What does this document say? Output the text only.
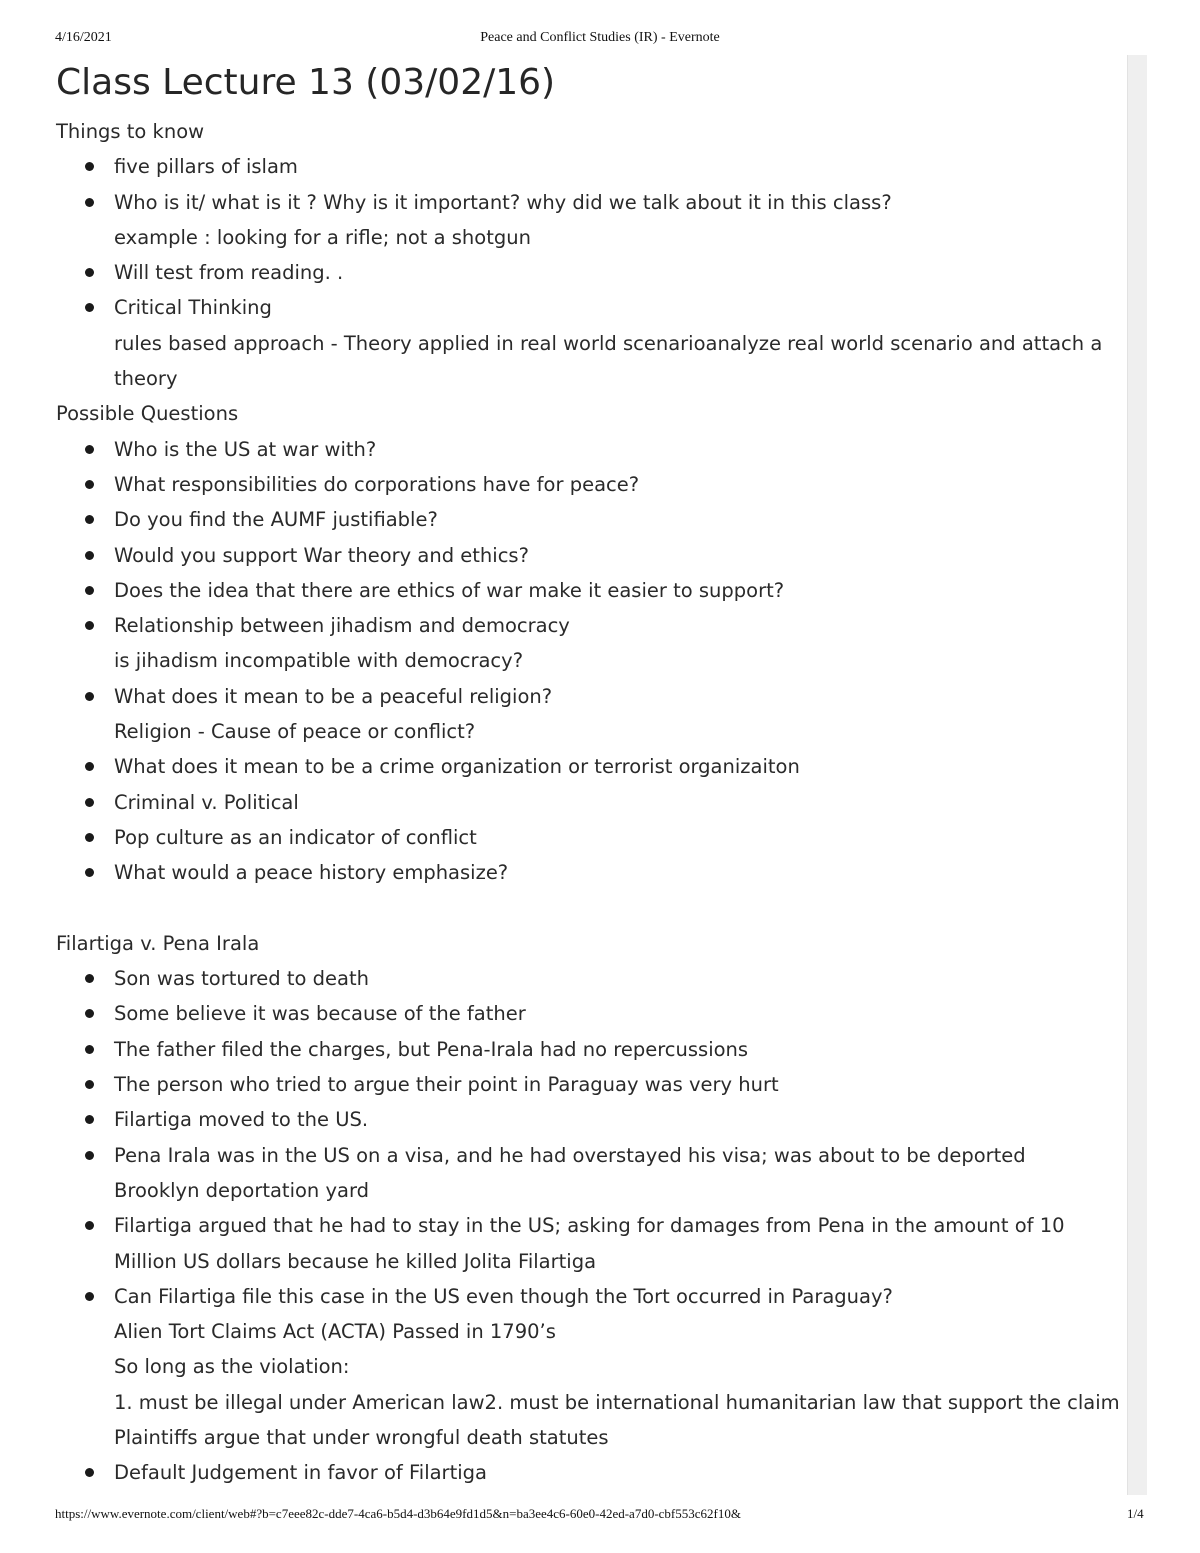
4/16/2021	Peace and Conflict Studies (IR) - Evernote
Class Lecture 13 (03/02/16)
Things to know
five pillars of islam
Who is it/ what is it ? Why is it important? why did we talk about it in this class?
example : looking for a rifle; not a shotgun
Will test from reading. .
Critical Thinking
rules based approach - Theory applied in real world scenarioanalyze real world scenario and attach a theory
Possible Questions
Who is the US at war with?
What responsibilities do corporations have for peace?
Do you find the AUMF justifiable?
Would you support War theory and ethics?
Does the idea that there are ethics of war make it easier to support?
Relationship between jihadism and democracy
is jihadism incompatible with democracy?
What does it mean to be a peaceful religion?
Religion - Cause of peace or conflict?
What does it mean to be a crime organization or terrorist organizaiton
Criminal v. Political
Pop culture as an indicator of conflict
What would a peace history emphasize?
Filartiga v. Pena Irala
Son was tortured to death
Some believe it was because of the father
The father filed the charges, but Pena-Irala had no repercussions
The person who tried to argue their point in Paraguay was very hurt
Filartiga moved to the US.
Pena Irala was in the US on a visa, and he had overstayed his visa; was about to be deported
Brooklyn deportation yard
Filartiga argued that he had to stay in the US; asking for damages from Pena in the amount of 10 Million US dollars because he killed Jolita Filartiga
Can Filartiga file this case in the US even though the Tort occurred in Paraguay?
Alien Tort Claims Act (ACTA) Passed in 1790’s
So long as the violation:
1. must be illegal under American law2. must be international humanitarian law that support the claim Plaintiffs argue that under wrongful death statutes
Default Judgement in favor of Filartiga
https://www.evernote.com/client/web#?b=c7eee82c-dde7-4ca6-b5d4-d3b64e9fd1d5&n=ba3ee4c6-60e0-42ed-a7d0-cbf553c62f10&	1/4
